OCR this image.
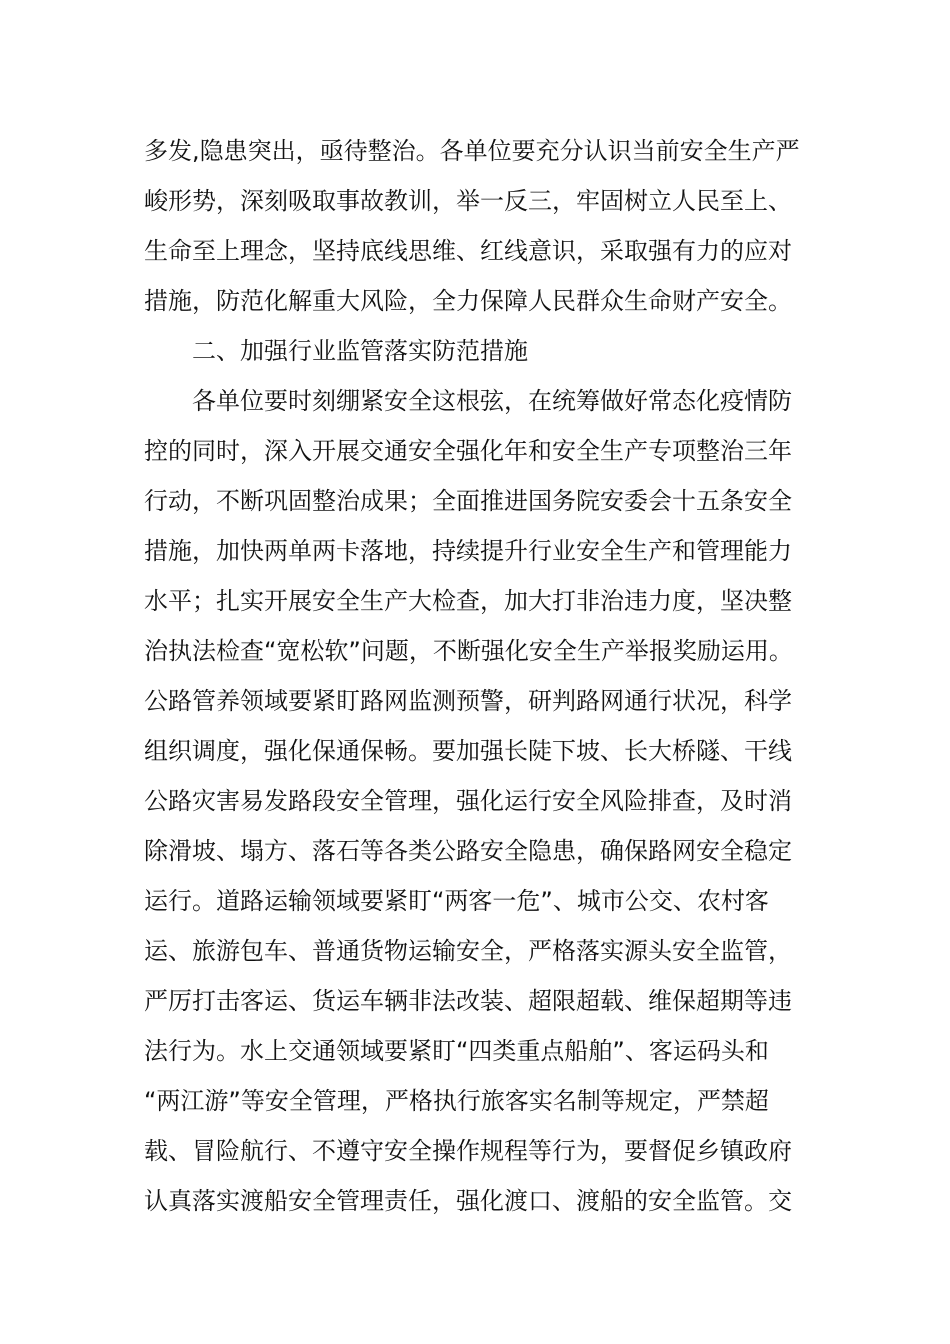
多发,隐患突出，亟待整治。各单位要充分认识当前安全生产严
峻形势，深刻吸取事故教训，举一反三，牢固树立人民至上、
生命至上理念，坚持底线思维、红线意识，采取强有力的应对
措施，防范化解重大风险，全力保障人民群众生命财产安全。
二、加强行业监管落实防范措施
各单位要时刻绷紧安全这根弦，在统筹做好常态化疫情防
控的同时，深入开展交通安全强化年和安全生产专项整治三年
行动，不断巩固整治成果；全面推进国务院安委会十五条安全
措施，加快两单两卡落地，持续提升行业安全生产和管理能力
水平；扎实开展安全生产大检查，加大打非治违力度，坚决整
治执法检查“宽松软”问题，不断强化安全生产举报奖励运用。
公路管养领域要紧盯路网监测预警，研判路网通行状况，科学
组织调度，强化保通保畅。要加强长陡下坡、长大桥隧、干线
公路灾害易发路段安全管理，强化运行安全风险排查，及时消
除滑坡、塌方、落石等各类公路安全隐患，确保路网安全稳定
运行。道路运输领域要紧盯“两客一危”、城市公交、农村客
运、旅游包车、普通货物运输安全，严格落实源头安全监管，
严厉打击客运、货运车辆非法改装、超限超载、维保超期等违
法行为。水上交通领域要紧盯“四类重点船舶”、客运码头和
“两江游”等安全管理，严格执行旅客实名制等规定，严禁超
载、冒险航行、不遵守安全操作规程等行为，要督促乡镇政府
认真落实渡船安全管理责任，强化渡口、渡船的安全监管。交
